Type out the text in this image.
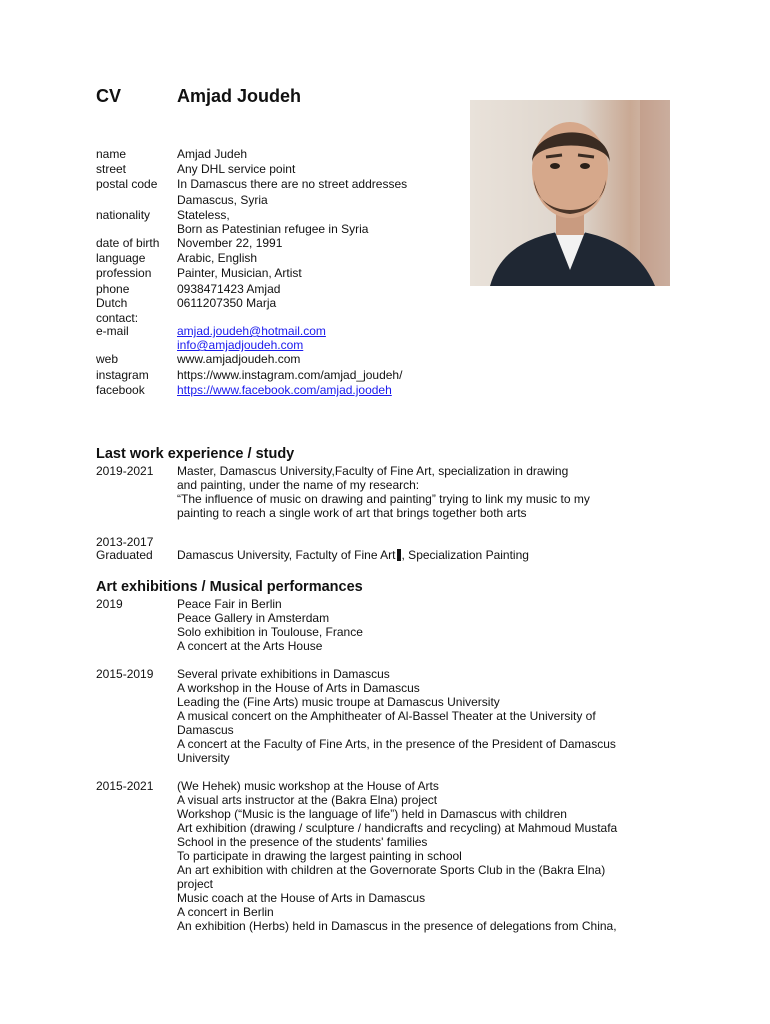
CV	Amjad Joudeh
name	Amjad Judeh
street	Any DHL service point
postal code In Damascus there are no street addresses
Damascus, Syria
nationality Stateless,
Born as Patestinian refugee in Syria
date of birth November 22, 1991
language	Arabic, English
profession Painter, Musician, Artist
phone	0938471423 Amjad
Dutch	0611207350 Marja
contact:
e-mail	amjad.joudeh@hotmail.com
info@amjadjoudeh.com
web	www.amjadjoudeh.com
instagram https://www.instagram.com/amjad_joudeh/
facebook	https://www.facebook.com/amjad.joodeh
Last work experience / study
2019-2021 Master, Damascus University,Faculty of Fine Art, specialization in drawing
and painting, under the name of my research:
“The influence of music on drawing and painting” trying to link my music to my
painting to reach a single work of art that brings together both arts
2013-2017
Graduated Damascus University, Factulty of Fine Art , Specialization Painting
Art exhibitions / Musical performances
2019	Peace Fair in Berlin
Peace Gallery in Amsterdam
Solo exhibition in Toulouse, France
A concert at the Arts House
2015-2019 Several private exhibitions in Damascus
A workshop in the House of Arts in Damascus
Leading the (Fine Arts) music troupe at Damascus University
A musical concert on the Amphitheater of Al-Bassel Theater at the University of
Damascus
A concert at the Faculty of Fine Arts, in the presence of the President of Damascus
University
2015-2021 (We Hehek) music workshop at the House of Arts
A visual arts instructor at the (Bakra Elna) project
Workshop (“Music is the language of life”) held in Damascus with children
Art exhibition (drawing / sculpture / handicrafts and recycling) at Mahmoud Mustafa
School in the presence of the students' families
To participate in drawing the largest painting in school
An art exhibition with children at the Governorate Sports Club in the (Bakra Elna)
project
Music coach at the House of Arts in Damascus
A concert in Berlin
An exhibition (Herbs) held in Damascus in the presence of delegations from China,
